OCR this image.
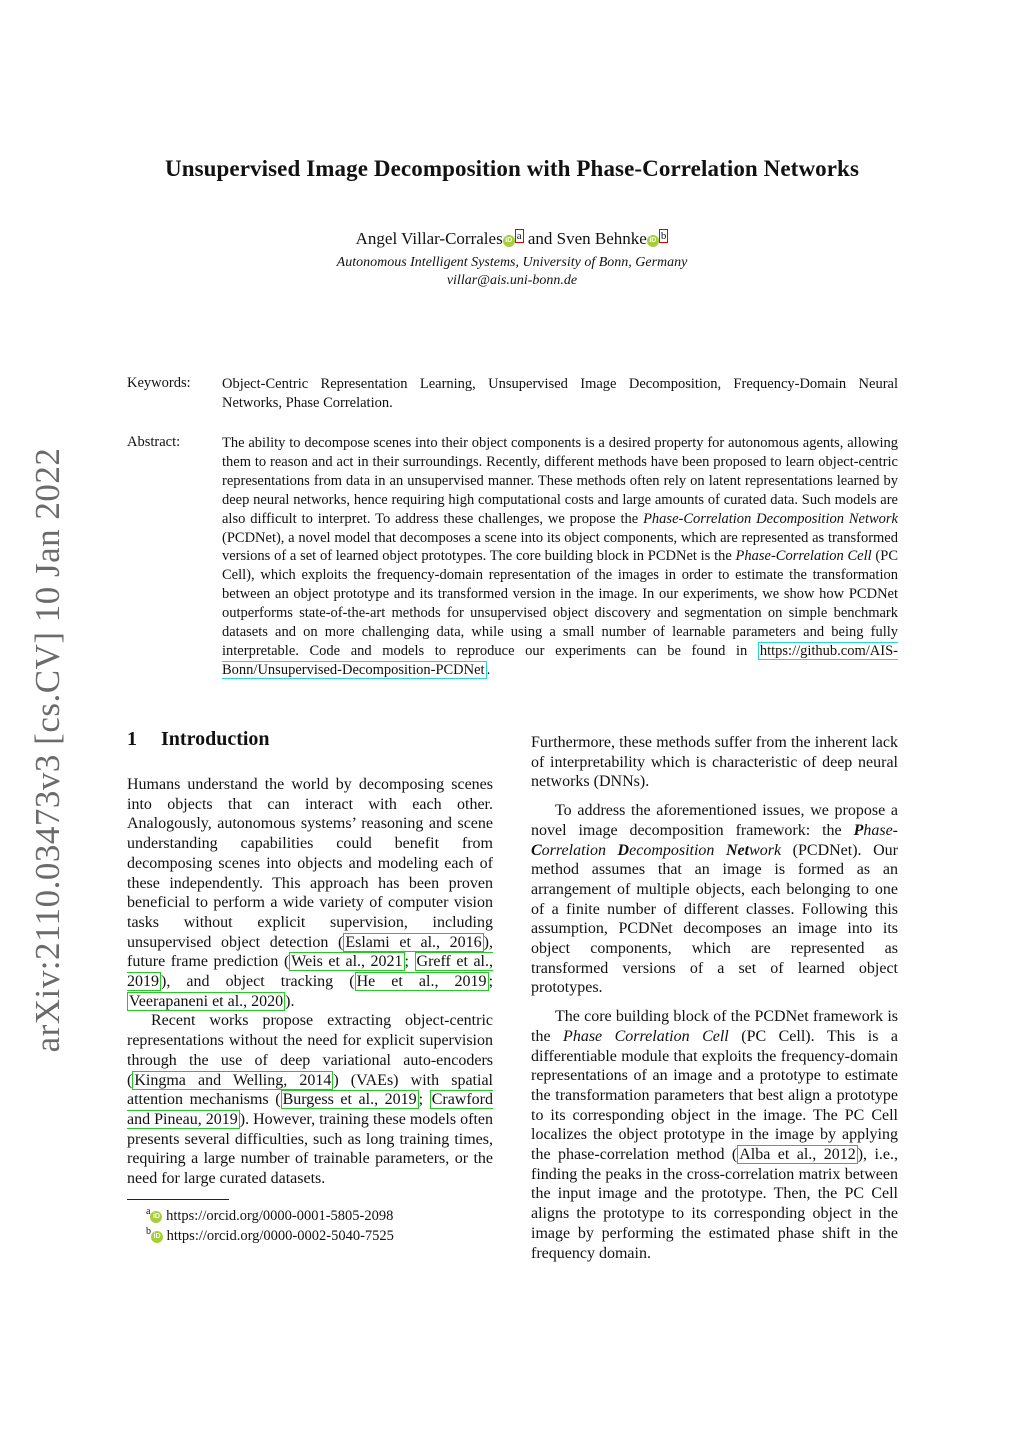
Unsupervised Image Decomposition with Phase-Correlation Networks
Angel Villar-Corrales iD $^a$ and Sven Behnke iD $^b$
Autonomous Intelligent Systems, University of Bonn, Germany
villar@ais.uni-bonn.de
Keywords: Object-Centric Representation Learning, Unsupervised Image Decomposition, Frequency-Domain Neural Networks, Phase Correlation.
Abstract:	The ability to decompose scenes into their object components is a desired property for autonomous agents, allowing them to reason and act in their surroundings. Recently, different methods have been proposed to learn object-centric representations from data in an unsupervised manner. These methods often rely on latent representations learned by deep neural networks, hence requiring high computational costs and large amounts of curated data. Such models are also difficult to interpret. To address these challenges, we propose the Phase-Correlation Decomposition Network (PCDNet), a novel model that decomposes a scene into its object components, which are represented as transformed versions of a set of learned object prototypes. The core building block in PCDNet is the Phase-Correlation Cell (PC Cell), which exploits the frequency-domain representation of the images in order to estimate the transformation between an object prototype and its transformed version in the image. In our experiments, we show how PCDNet outperforms state-of-the-art methods for unsupervised object discovery and segmentation on simple benchmark datasets and on more challenging data, while using a small number of learnable parameters and being fully interpretable. Code and models to reproduce our experiments can be found in https://github.com/AIS-Bonn/Unsupervised-Decomposition-PCDNet .
1 Introduction

Humans understand the world by decomposing scenes into objects that can interact with each other. Analogously, autonomous systems’ reasoning and scene understanding capabilities could benefit from decomposing scenes into objects and modeling each of these independently. This approach has been proven beneficial to perform a wide variety of computer vision tasks without explicit supervision, including unsupervised object detection ( Eslami et al., 2016 ), future frame prediction ( Weis et al., 2021 ; Greff et al., 2019 ), and object tracking ( He et al., 2019 ; Veerapaneni et al., 2020 ).

Recent works propose extracting object-centric representations without the need for explicit supervision through the use of deep variational auto-encoders ( Kingma and Welling, 2014 ) (VAEs) with spatial attention mechanisms ( Burgess et al., 2019 ; Crawford and Pineau, 2019 ). However, training these models often presents several difficulties, such as long training times, requiring a large number of trainable parameters, or the need for large curated datasets.

$^a$ iD https://orcid.org/0000-0001-5805-2098
$^b$ iD https://orcid.org/0000-0002-5040-7525

Furthermore, these methods suffer from the inherent lack of interpretability which is characteristic of deep neural networks (DNNs).

To address the aforementioned issues, we propose a novel image decomposition framework: the Phase-Correlation Decomposition Network (PCDNet). Our method assumes that an image is formed as an arrangement of multiple objects, each belonging to one of a finite number of different classes. Following this assumption, PCDNet decomposes an image into its object components, which are represented as transformed versions of a set of learned object prototypes.

The core building block of the PCDNet framework is the Phase Correlation Cell (PC Cell). This is a differentiable module that exploits the frequency-domain representations of an image and a prototype to estimate the transformation parameters that best align a prototype to its corresponding object in the image. The PC Cell localizes the object prototype in the image by applying the phase-correlation method ( Alba et al., 2012 ), i.e., finding the peaks in the cross-correlation matrix between the input image and the prototype. Then, the PC Cell aligns the prototype to its corresponding object in the image by performing the estimated phase shift in the frequency domain.

arXiv:2110.03473v3 [cs.CV] 10 Jan 2022
